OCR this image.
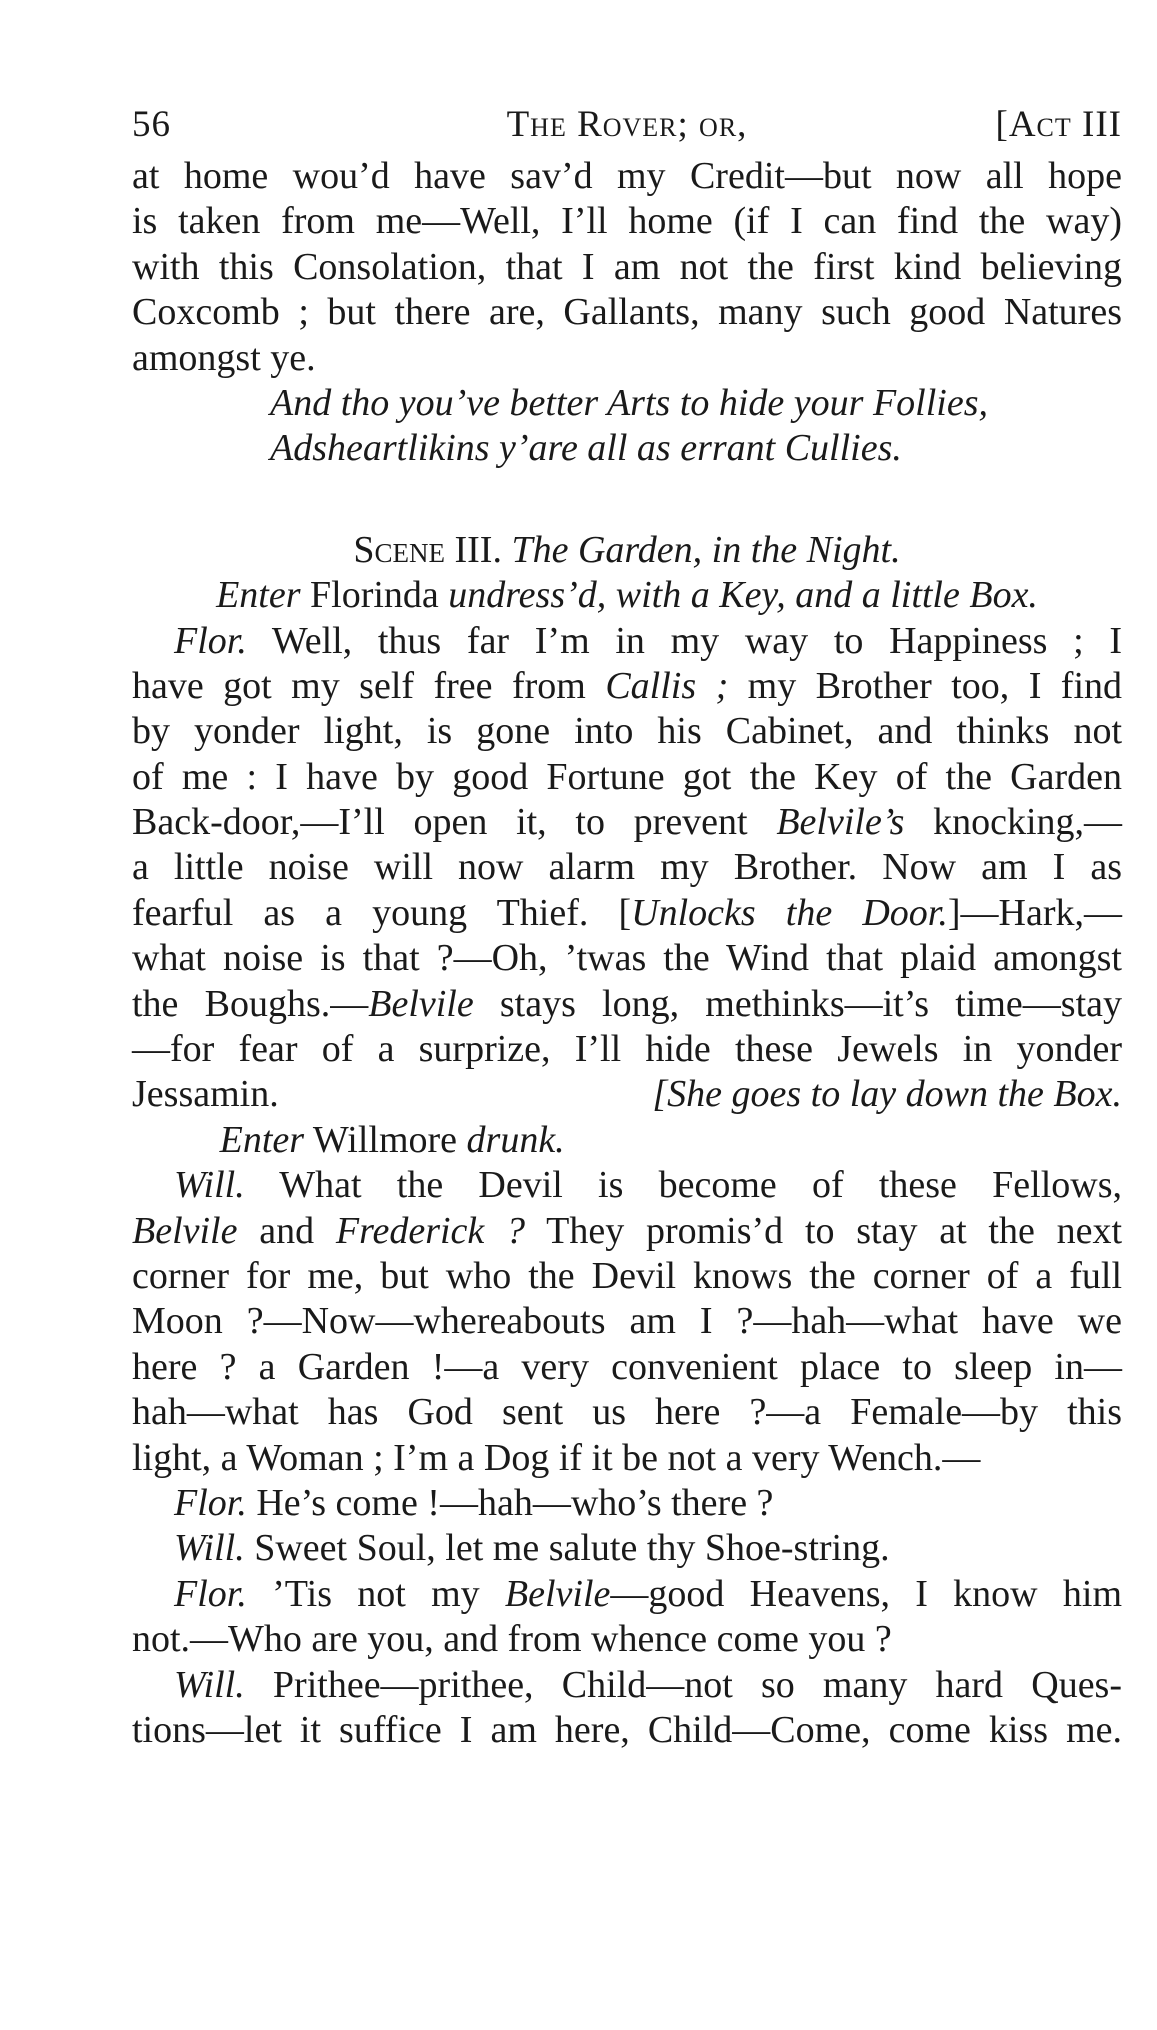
56	The Rover; or,	[Act III
at home wou’d have sav’d my Credit—but now all hope
is taken from me—Well, I’ll home (if I can find the way)
with this Consolation, that I am not the first kind believing
Coxcomb ; but there are, Gallants, many such good Natures
amongst ye.
And tho you’ve better Arts to hide your Follies,
Adsheartlikins y’are all as errant Cullies.
Scene III. The Garden, in the Night.
Enter Florinda undress’d, with a Key, and a little Box.
Flor. Well, thus far I’m in my way to Happiness ; I
have got my self free from Callis ; my Brother too, I find
by yonder light, is gone into his Cabinet, and thinks not
of me : I have by good Fortune got the Key of the Garden
Back-door,—I’ll open it, to prevent Belvile’s knocking,—
a little noise will now alarm my Brother. Now am I as
fearful as a young Thief. [Unlocks the Door.]—Hark,—
what noise is that ?—Oh, ’twas the Wind that plaid amongst
the Boughs.—Belvile stays long, methinks—it’s time—stay
—for fear of a surprize, I’ll hide these Jewels in yonder
Jessamin.	[She goes to lay down the Box.
Enter Willmore drunk.
Will. What the Devil is become of these Fellows,
Belvile and Frederick ? They promis’d to stay at the next
corner for me, but who the Devil knows the corner of a full
Moon ?—Now—whereabouts am I ?—hah—what have we
here ? a Garden !—a very convenient place to sleep in—
hah—what has God sent us here ?—a Female—by this
light, a Woman ; I’m a Dog if it be not a very Wench.—
Flor. He’s come !—hah—who’s there ?
Will. Sweet Soul, let me salute thy Shoe-string.
Flor. ’Tis not my Belvile—good Heavens, I know him
not.—Who are you, and from whence come you ?
Will. Prithee—prithee, Child—not so many hard Ques-
tions—let it suffice I am here, Child—Come, come kiss me.
